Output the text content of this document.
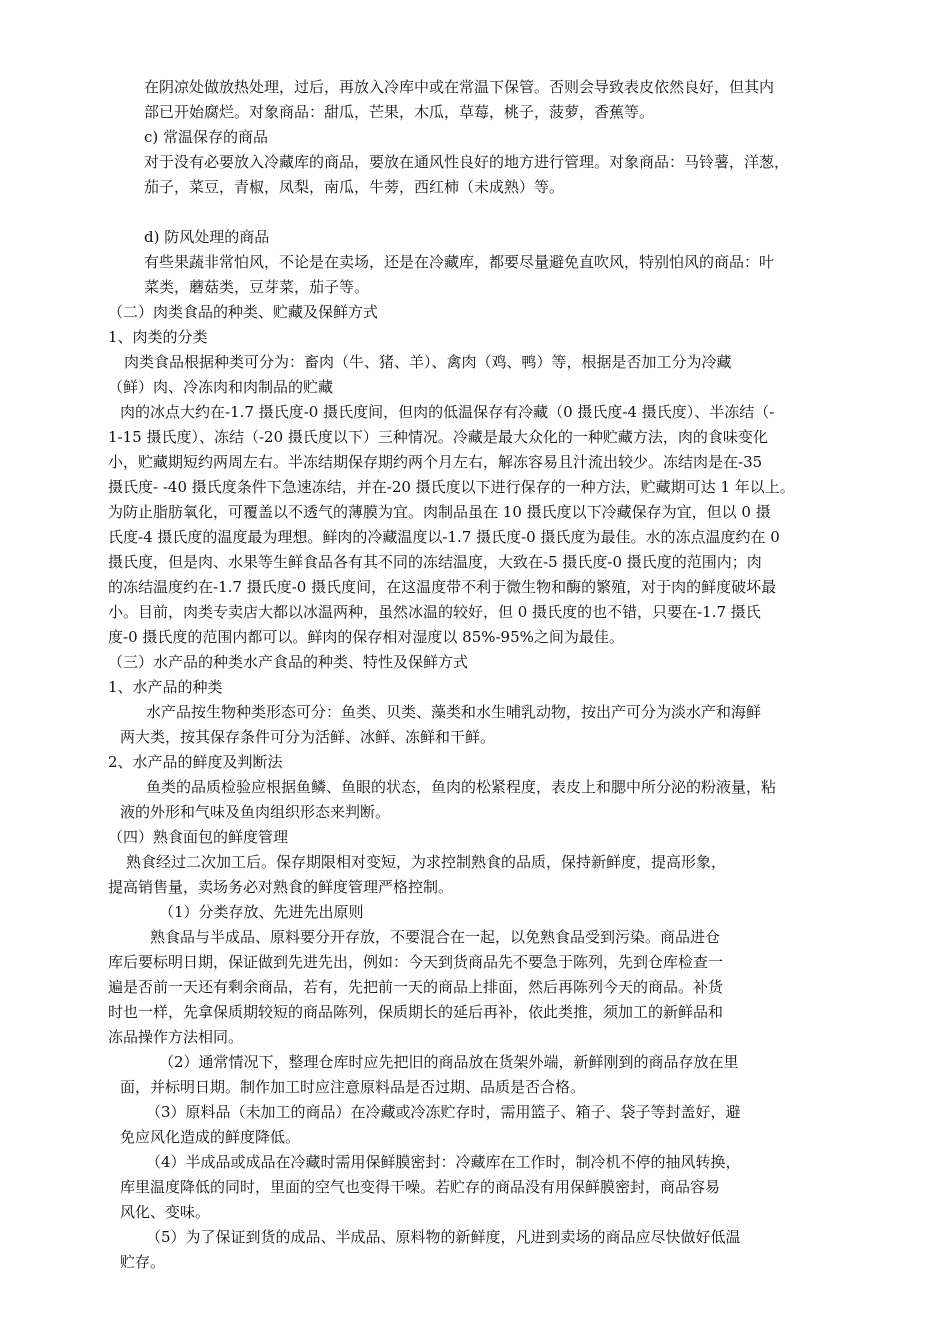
在阴凉处做放热处理，过后，再放入冷库中或在常温下保管。否则会导致表皮依然良好，但其内
部已开始腐烂。对象商品：甜瓜，芒果，木瓜，草莓，桃子，菠萝，香蕉等。
c) 常温保存的商品
对于没有必要放入冷藏库的商品，要放在通风性良好的地方进行管理。对象商品：马铃薯，洋葱，
茄子，菜豆，青椒，凤梨，南瓜，牛蒡，西红柿（未成熟）等。
d) 防风处理的商品
有些果蔬非常怕风，不论是在卖场，还是在冷藏库，都要尽量避免直吹风，特别怕风的商品：叶
菜类，蘑菇类，豆芽菜，茄子等。
（二）肉类食品的种类、贮藏及保鲜方式
1、肉类的分类
肉类食品根据种类可分为：畜肉（牛、猪、羊）、禽肉（鸡、鸭）等，根据是否加工分为冷藏
（鲜）肉、冷冻肉和肉制品的贮藏
肉的冰点大约在-1.7 摄氏度-0 摄氏度间，但肉的低温保存有冷藏（0 摄氏度-4 摄氏度）、半冻结（-
1-15 摄氏度）、冻结（-20 摄氏度以下）三种情况。冷藏是最大众化的一种贮藏方法，肉的食味变化
小，贮藏期短约两周左右。半冻结期保存期约两个月左右，解冻容易且汁流出较少。冻结肉是在-35
摄氏度- -40 摄氏度条件下急速冻结，并在-20 摄氏度以下进行保存的一种方法，贮藏期可达 1 年以上。
为防止脂肪氧化，可覆盖以不透气的薄膜为宜。肉制品虽在 10 摄氏度以下冷藏保存为宜，但以 0 摄
氏度-4 摄氏度的温度最为理想。鲜肉的冷藏温度以-1.7 摄氏度-0 摄氏度为最佳。水的冻点温度约在 0
摄氏度，但是肉、水果等生鲜食品各有其不同的冻结温度，大致在-5 摄氏度-0 摄氏度的范围内；肉
的冻结温度约在-1.7 摄氏度-0 摄氏度间，在这温度带不利于微生物和酶的繁殖，对于肉的鲜度破坏最
小。目前，肉类专卖店大都以冰温两种，虽然冰温的较好，但 0 摄氏度的也不错，只要在-1.7 摄氏
度-0 摄氏度的范围内都可以。鲜肉的保存相对湿度以 85%-95%之间为最佳。
（三）水产品的种类水产食品的种类、特性及保鲜方式
1、水产品的种类
水产品按生物种类形态可分：鱼类、贝类、藻类和水生哺乳动物，按出产可分为淡水产和海鲜
两大类，按其保存条件可分为活鲜、冰鲜、冻鲜和干鲜。
2、水产品的鲜度及判断法
鱼类的品质检验应根据鱼鳞、鱼眼的状态，鱼肉的松紧程度，表皮上和腮中所分泌的粉液量，粘
液的外形和气味及鱼肉组织形态来判断。
（四）熟食面包的鲜度管理
熟食经过二次加工后。保存期限相对变短，为求控制熟食的品质，保持新鲜度，提高形象，
提高销售量，卖场务必对熟食的鲜度管理严格控制。
（1）分类存放、先进先出原则
熟食品与半成品、原料要分开存放，不要混合在一起，以免熟食品受到污染。商品进仓
库后要标明日期，保证做到先进先出，例如：今天到货商品先不要急于陈列，先到仓库检查一
遍是否前一天还有剩余商品，若有，先把前一天的商品上排面，然后再陈列今天的商品。补货
时也一样，先拿保质期较短的商品陈列，保质期长的延后再补，依此类推，须加工的新鲜品和
冻品操作方法相同。
（2）通常情况下，整理仓库时应先把旧的商品放在货架外端，新鲜刚到的商品存放在里
面，并标明日期。制作加工时应注意原料品是否过期、品质是否合格。
（3）原料品（未加工的商品）在冷藏或冷冻贮存时，需用篮子、箱子、袋子等封盖好，避
免应风化造成的鲜度降低。
（4）半成品或成品在冷藏时需用保鲜膜密封：冷藏库在工作时，制冷机不停的抽风转换，
库里温度降低的同时，里面的空气也变得干噪。若贮存的商品没有用保鲜膜密封，商品容易
风化、变味。
（5）为了保证到货的成品、半成品、原料物的新鲜度，凡进到卖场的商品应尽快做好低温
贮存。
